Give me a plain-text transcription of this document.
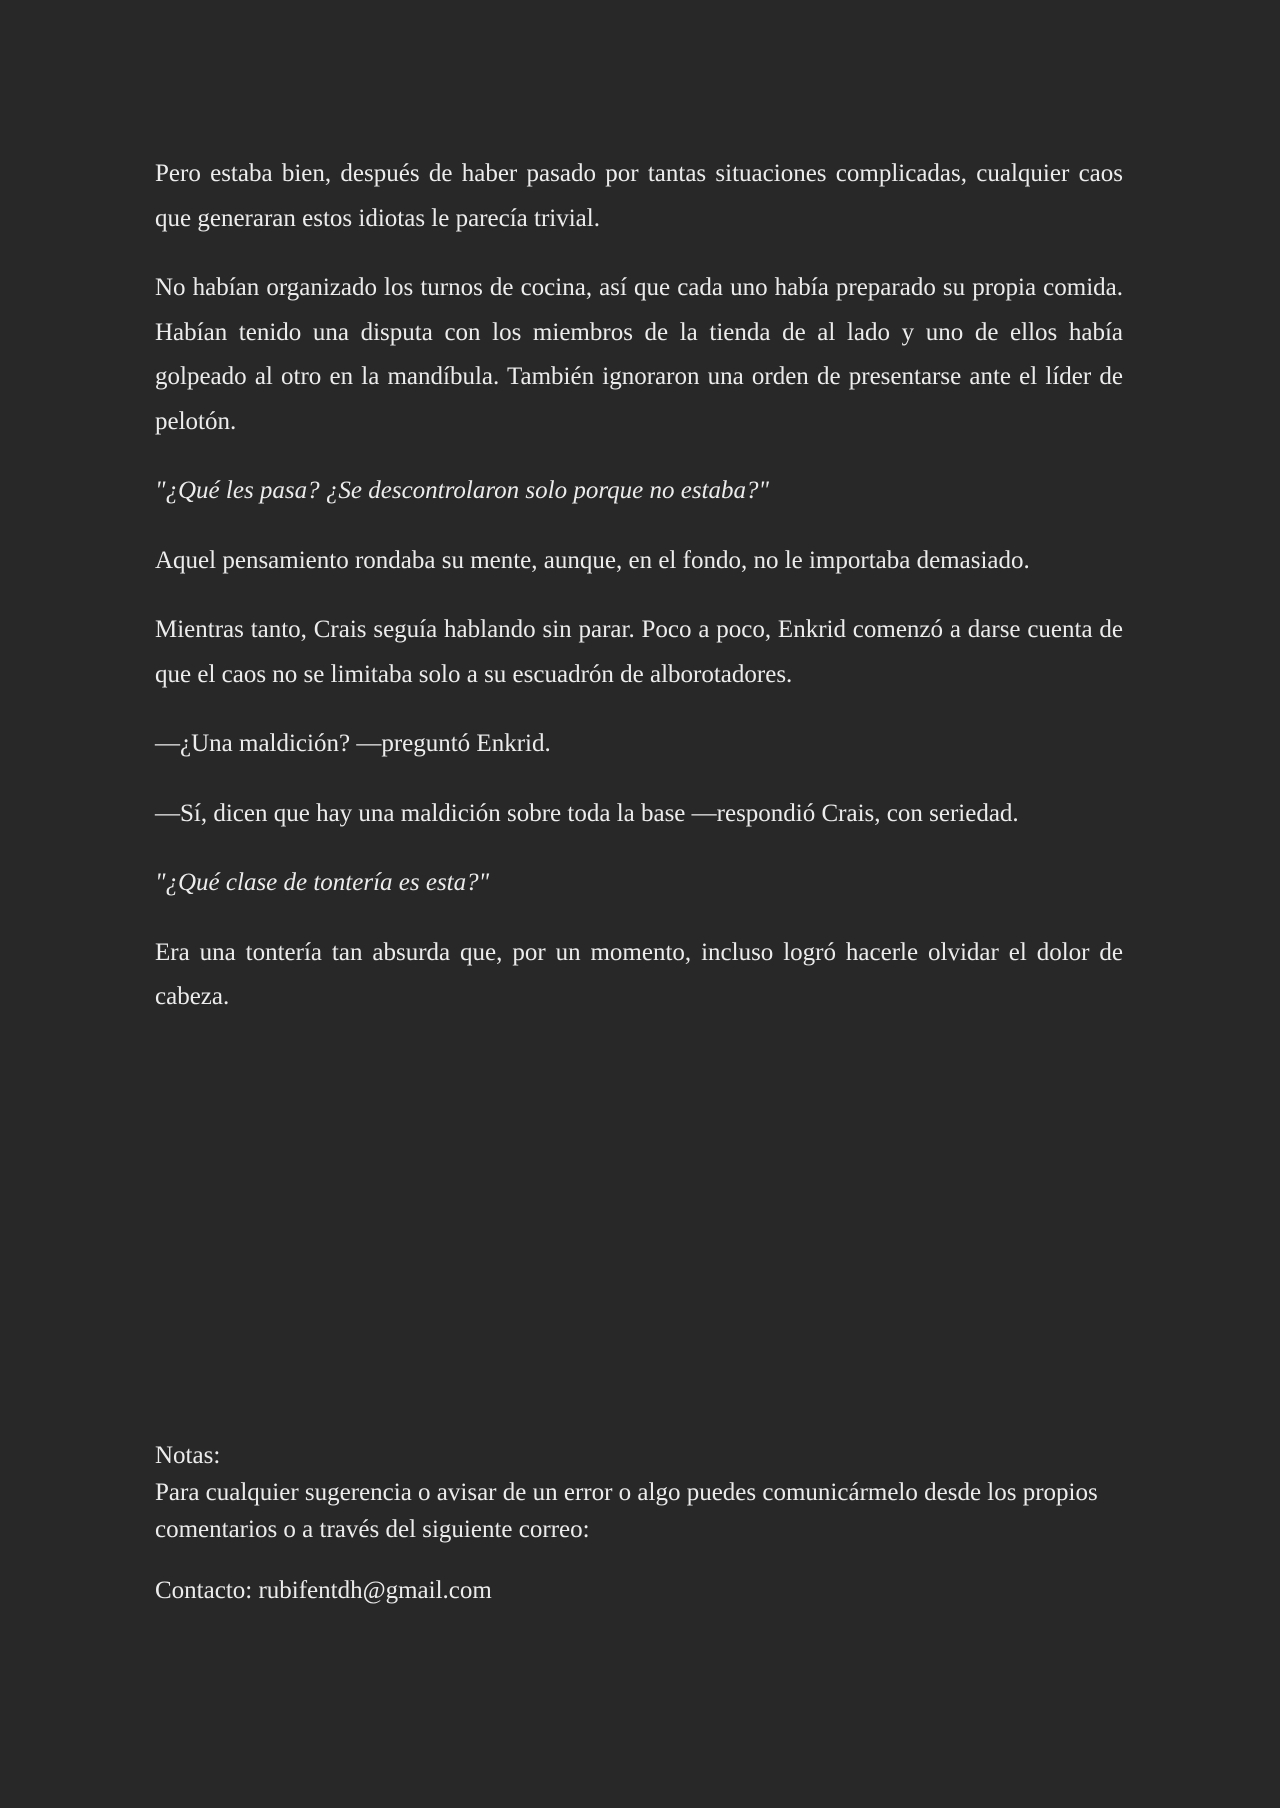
Pero estaba bien, después de haber pasado por tantas situaciones complicadas, cualquier caos que generaran estos idiotas le parecía trivial.

No habían organizado los turnos de cocina, así que cada uno había preparado su propia comida. Habían tenido una disputa con los miembros de la tienda de al lado y uno de ellos había golpeado al otro en la mandíbula. También ignoraron una orden de presentarse ante el líder de pelotón.

"¿Qué les pasa? ¿Se descontrolaron solo porque no estaba?"

Aquel pensamiento rondaba su mente, aunque, en el fondo, no le importaba demasiado.

Mientras tanto, Crais seguía hablando sin parar. Poco a poco, Enkrid comenzó a darse cuenta de que el caos no se limitaba solo a su escuadrón de alborotadores.

—¿Una maldición? —preguntó Enkrid.

—Sí, dicen que hay una maldición sobre toda la base —respondió Crais, con seriedad.

"¿Qué clase de tontería es esta?"

Era una tontería tan absurda que, por un momento, incluso logró hacerle olvidar el dolor de cabeza.

Notas:
Para cualquier sugerencia o avisar de un error o algo puedes comunicármelo desde los propios comentarios o a través del siguiente correo:
Contacto: rubifentdh@gmail.com
